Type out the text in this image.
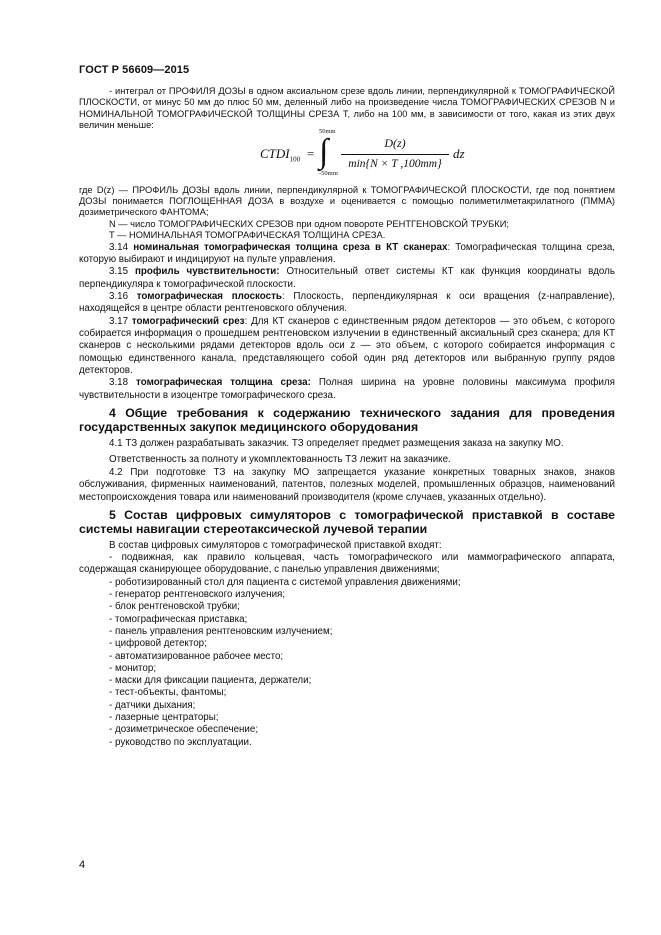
ГОСТ Р 56609—2015

- интеграл от ПРОФИЛЯ ДОЗЫ в одном аксиальном срезе вдоль линии, перпендикулярной к ТОМОГРАФИЧЕСКОЙ ПЛОСКОСТИ, от минус 50 мм до плюс 50 мм, деленный либо на произведение числа ТОМОГРАФИЧЕСКИХ СРЕЗОВ N и НОМИНАЛЬНОЙ ТОМОГРАФИЧЕСКОЙ ТОЛЩИНЫ СРЕЗА T, либо на 100 мм, в зависимости от того, какая из этих двух величин меньше:

$CTDI_{100}$ =
50mm
∫
-50mm
D(z)
min{N × T ,100mm}
dz

где D(z) — ПРОФИЛЬ ДОЗЫ вдоль линии, перпендикулярной к ТОМОГРАФИЧЕСКОЙ ПЛОСКОСТИ, где под понятием ДОЗЫ понимается ПОГЛОЩЕННАЯ ДОЗА в воздухе и оценивается с помощью полиметилметакрилатного (ПММА) дозиметрического ФАНТОМА;

N — число ТОМОГРАФИЧЕСКИХ СРЕЗОВ при одном повороте РЕНТГЕНОВСКОЙ ТРУБКИ;

T — НОМИНАЛЬНАЯ ТОМОГРАФИЧЕСКАЯ ТОЛЩИНА СРЕЗА.

3.14 номинальная томографическая толщина среза в КТ сканерах: Томографическая толщина среза, которую выбирают и индицируют на пульте управления.

3.15 профиль чувствительности: Относительный ответ системы КТ как функция координаты вдоль перпендикуляра к томографической плоскости.

3.16 томографическая плоскость: Плоскость, перпендикулярная к оси вращения (z-направление), находящейся в центре области рентгеновского облучения.

3.17 томографический срез: Для КТ сканеров с единственным рядом детекторов — это объем, с которого собирается информация о прошедшем рентгеновском излучении в единственный аксиальный срез сканера; для КТ сканеров с несколькими рядами детекторов вдоль оси z — это объем, с которого собирается информация с помощью единственного канала, представляющего собой один ряд детекторов или выбранную группу рядов детекторов.

3.18 томографическая толщина среза: Полная ширина на уровне половины максимума профиля чувствительности в изоцентре томографического среза.

4 Общие требования к содержанию технического задания для проведения государственных закупок медицинского оборудования

4.1 ТЗ должен разрабатывать заказчик. ТЗ определяет предмет размещения заказа на закупку МО.

Ответственность за полноту и укомплектованность ТЗ лежит на заказчике.

4.2 При подготовке ТЗ на закупку МО запрещается указание конкретных товарных знаков, знаков обслуживания, фирменных наименований, патентов, полезных моделей, промышленных образцов, наименований местопроисхождения товара или наименований производителя (кроме случаев, указанных отдельно).

5 Состав цифровых симуляторов с томографической приставкой в составе системы навигации стереотаксической лучевой терапии

В состав цифровых симуляторов с томографической приставкой входят:

- подвижная, как правило кольцевая, часть томографического или маммографического аппарата, содержащая сканирующее оборудование, с панелью управления движениями;

- роботизированный стол для пациента с системой управления движениями;

- генератор рентгеновского излучения;

- блок рентгеновской трубки;

- томографическая приставка;

- панель управления рентгеновским излучением;

- цифровой детектор;

- автоматизированное рабочее место;

- монитор;

- маски для фиксации пациента, держатели;

- тест-объекты, фантомы;

- датчики дыхания;

- лазерные центраторы;

- дозиметрическое обеспечение;

- руководство по эксплуатации.

4
